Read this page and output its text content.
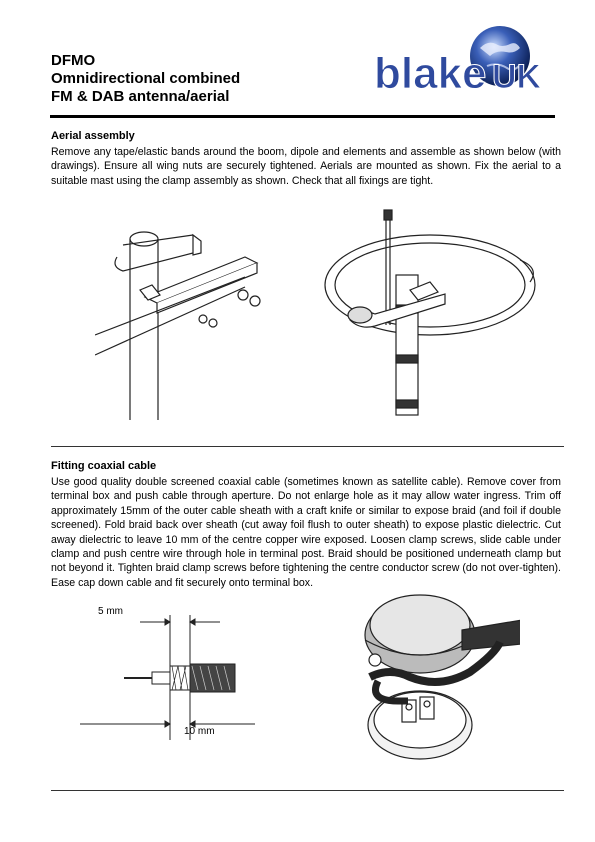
DFMO
Omnidirectional combined
FM & DAB antenna/aerial	blake UK
Aerial assembly
Remove any tape/elastic bands around the boom, dipole and elements and assemble as shown below (with drawings). Ensure all wing nuts are securely tightened. Aerials are mounted as shown. Fix the aerial to a suitable mast using the clamp assembly as shown. Check that all fixings are tight.
Fitting coaxial cable
Use good quality double screened coaxial cable (sometimes known as satellite cable). Remove cover from terminal box and push cable through aperture. Do not enlarge hole as it may allow water ingress. Trim off approximately 15mm of the outer cable sheath with a craft knife or similar to expose braid (and foil if double screened). Fold braid back over sheath (cut away foil flush to outer sheath) to expose plastic dielectric. Cut away dielectric to leave 10 mm of the centre copper wire exposed. Loosen clamp screws, slide cable under clamp and push centre wire through hole in terminal post. Braid should be positioned underneath clamp but not beyond it. Tighten braid clamp screws before tightening the centre conductor screw (do not over-tighten). Ease cap down cable and fit securely onto terminal box.
5 mm
10 mm
